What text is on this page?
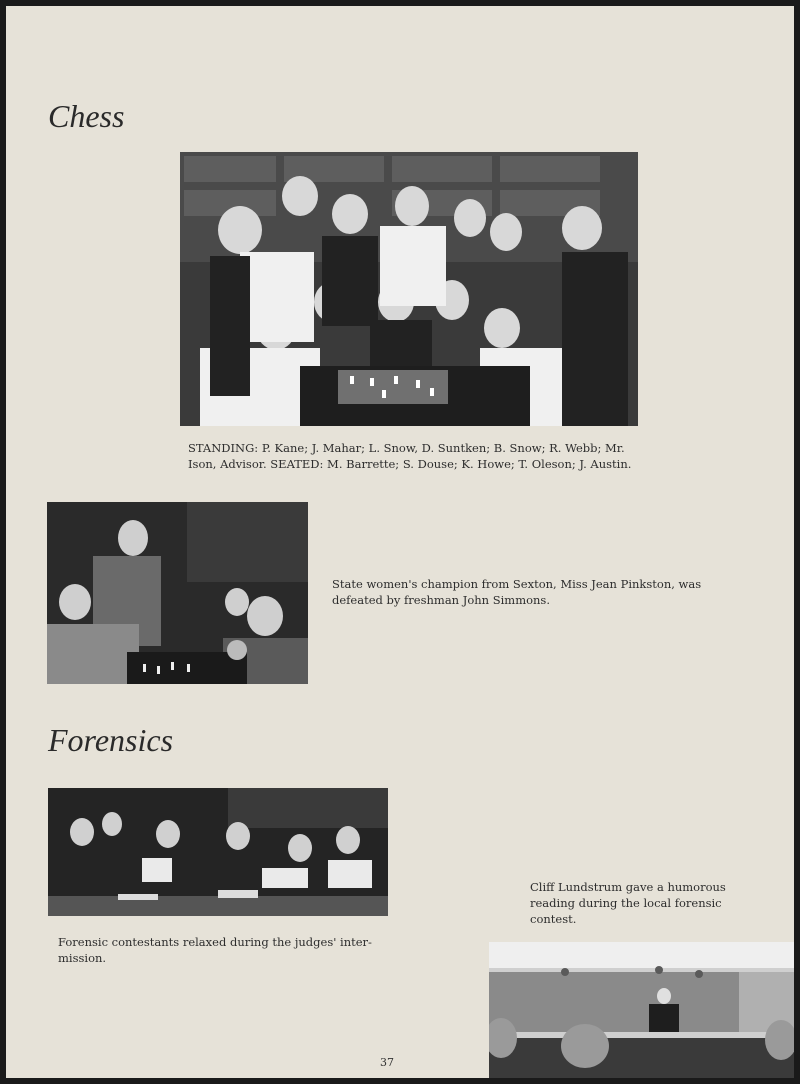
Chess

STANDING: P. Kane; J. Mahar; L. Snow, D. Suntken; B. Snow; R. Webb; Mr. Ison, Advisor. SEATED: M. Barrette; S. Douse; K. Howe; T. Oleson; J. Austin.

State women's champion from Sexton, Miss Jean Pinkston, was defeated by freshman John Simmons.

Forensics

Forensic contestants relaxed during the judges' inter-mission.

Cliff Lundstrum gave a humorous reading during the local forensic contest.

37
